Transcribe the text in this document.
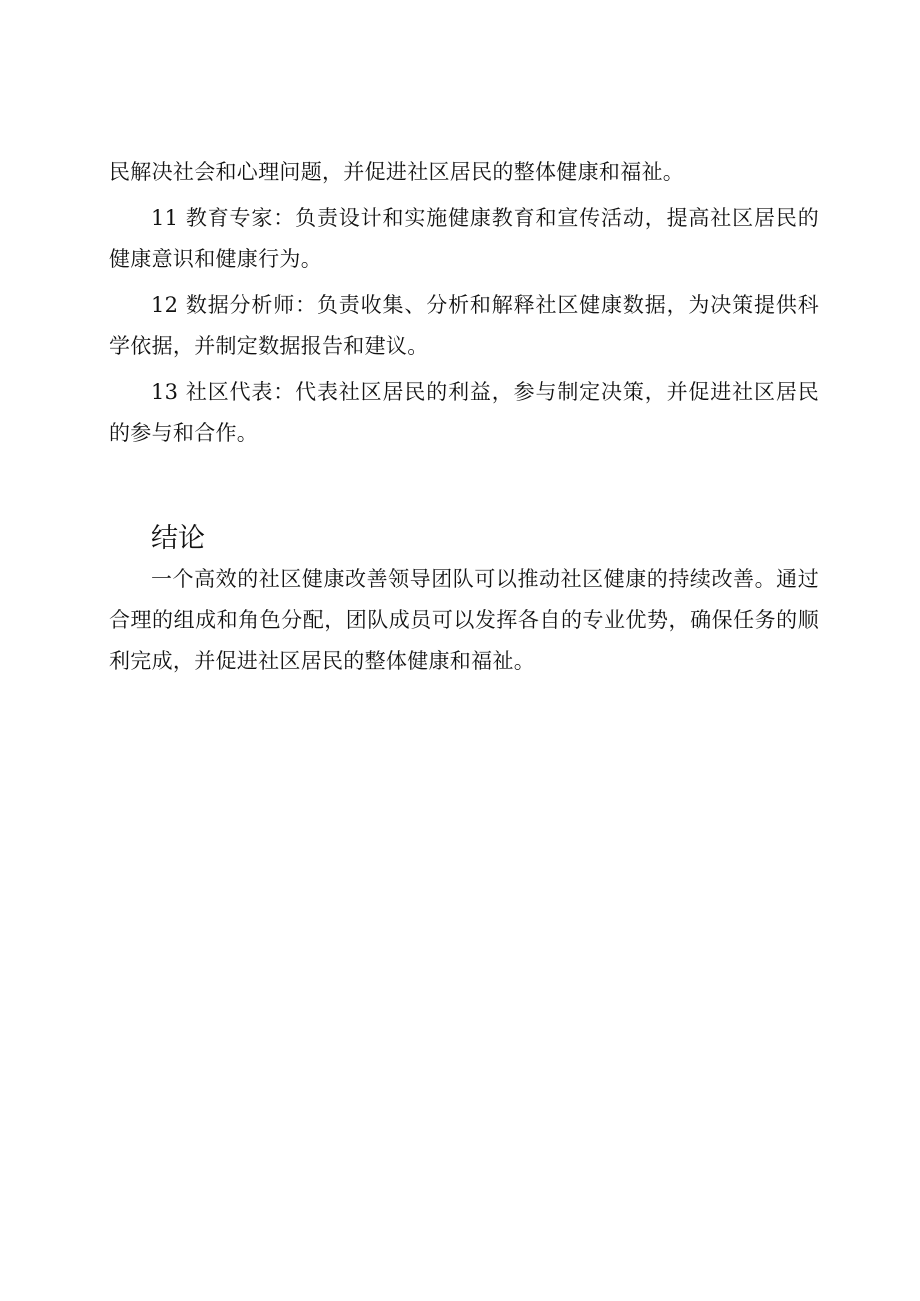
民解决社会和心理问题，并促进社区居民的整体健康和福祉。

11 教育专家：负责设计和实施健康教育和宣传活动，提高社区居民的健康意识和健康行为。

12 数据分析师：负责收集、分析和解释社区健康数据，为决策提供科学依据，并制定数据报告和建议。

13 社区代表：代表社区居民的利益，参与制定决策，并促进社区居民的参与和合作。

结论

一个高效的社区健康改善领导团队可以推动社区健康的持续改善。通过合理的组成和角色分配，团队成员可以发挥各自的专业优势，确保任务的顺利完成，并促进社区居民的整体健康和福祉。
